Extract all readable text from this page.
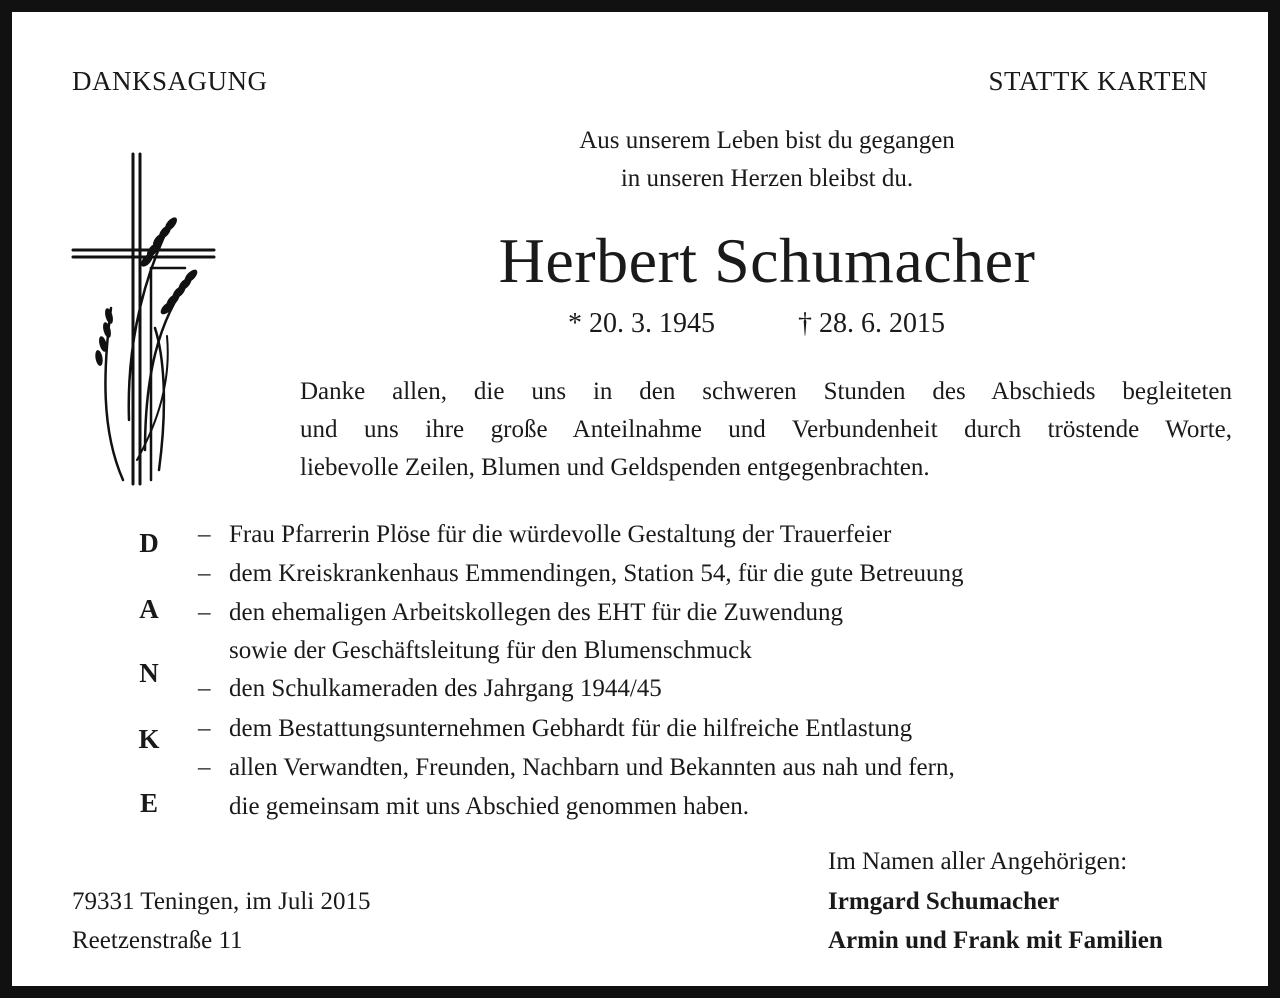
DANKSAGUNG	STATTK KARTEN
Aus unserem Leben bist du gegangen
in unseren Herzen bleibst du.
Herbert Schumacher
* 20. 3. 1945	† 28. 6. 2015
Danke allen, die uns in den schweren Stunden des Abschieds begleiteten
und uns ihre große Anteilnahme und Verbundenheit durch tröstende Worte,
liebevolle Zeilen, Blumen und Geldspenden entgegenbrachten.
D
A
N
K
E
–
–
–
–
–
–
Frau Pfarrerin Plöse für die würdevolle Gestaltung der Trauerfeier
dem Kreiskrankenhaus Emmendingen, Station 54, für die gute Betreuung
den ehemaligen Arbeitskollegen des EHT für die Zuwendung
sowie der Geschäftsleitung für den Blumenschmuck
den Schulkameraden des Jahrgang 1944/45
dem Bestattungsunternehmen Gebhardt für die hilfreiche Entlastung
allen Verwandten, Freunden, Nachbarn und Bekannten aus nah und fern,
die gemeinsam mit uns Abschied genommen haben.
Im Namen aller Angehörigen:
Irmgard Schumacher
Armin und Frank mit Familien
79331 Teningen, im Juli 2015
Reetzenstraße 11
